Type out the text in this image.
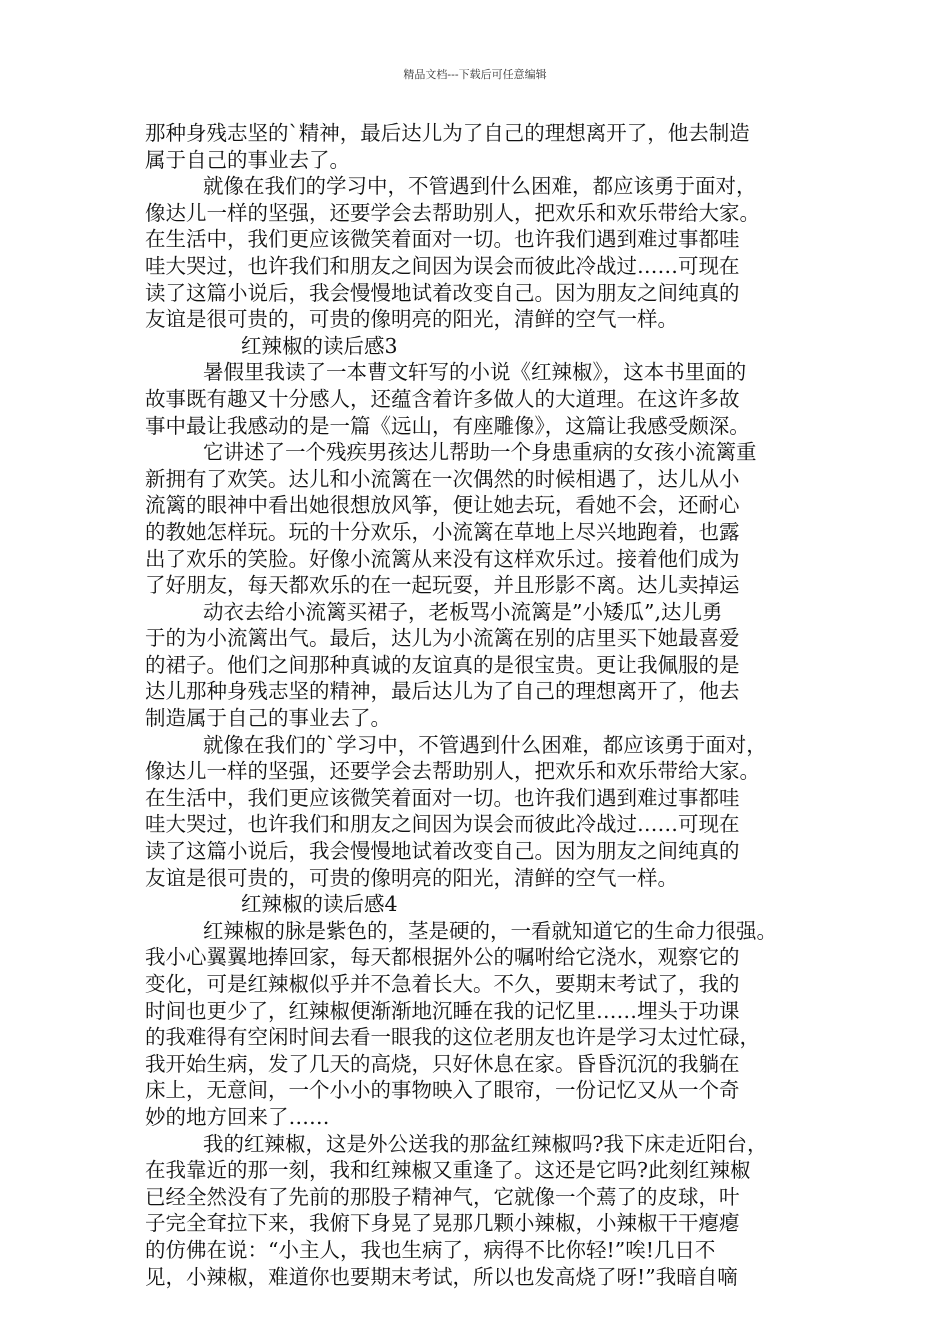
精品文档---下载后可任意编辑
那种身残志坚的`精神，最后达儿为了自己的理想离开了，他去制造
属于自己的事业去了。
就像在我们的学习中，不管遇到什么困难，都应该勇于面对，
像达儿一样的坚强，还要学会去帮助别人，把欢乐和欢乐带给大家。
在生活中，我们更应该微笑着面对一切。也许我们遇到难过事都哇
哇大哭过，也许我们和朋友之间因为误会而彼此冷战过……可现在
读了这篇小说后，我会慢慢地试着改变自己。因为朋友之间纯真的
友谊是很可贵的，可贵的像明亮的阳光，清鲜的空气一样。
红辣椒的读后感3
暑假里我读了一本曹文轩写的小说《红辣椒》，这本书里面的
故事既有趣又十分感人，还蕴含着许多做人的大道理。在这许多故
事中最让我感动的是一篇《远山，有座雕像》，这篇让我感受颇深。
它讲述了一个残疾男孩达儿帮助一个身患重病的女孩小流篱重
新拥有了欢笑。达儿和小流篱在一次偶然的时候相遇了，达儿从小
流篱的眼神中看出她很想放风筝，便让她去玩，看她不会，还耐心
的教她怎样玩。玩的十分欢乐，小流篱在草地上尽兴地跑着，也露
出了欢乐的笑脸。好像小流篱从来没有这样欢乐过。接着他们成为
了好朋友，每天都欢乐的在一起玩耍，并且形影不离。达儿卖掉运
动衣去给小流篱买裙子，老板骂小流篱是”小矮瓜”,达儿勇
于的为小流篱出气。最后，达儿为小流篱在别的店里买下她最喜爱
的裙子。他们之间那种真诚的友谊真的是很宝贵。更让我佩服的是
达儿那种身残志坚的精神，最后达儿为了自己的理想离开了，他去
制造属于自己的事业去了。
就像在我们的`学习中，不管遇到什么困难，都应该勇于面对，
像达儿一样的坚强，还要学会去帮助别人，把欢乐和欢乐带给大家。
在生活中，我们更应该微笑着面对一切。也许我们遇到难过事都哇
哇大哭过，也许我们和朋友之间因为误会而彼此冷战过……可现在
读了这篇小说后，我会慢慢地试着改变自己。因为朋友之间纯真的
友谊是很可贵的，可贵的像明亮的阳光，清鲜的空气一样。
红辣椒的读后感4
红辣椒的脉是紫色的，茎是硬的，一看就知道它的生命力很强。
我小心翼翼地捧回家，每天都根据外公的嘱咐给它浇水，观察它的
变化，可是红辣椒似乎并不急着长大。不久，要期末考试了，我的
时间也更少了，红辣椒便渐渐地沉睡在我的记忆里……埋头于功课
的我难得有空闲时间去看一眼我的这位老朋友也许是学习太过忙碌，
我开始生病，发了几天的高烧，只好休息在家。昏昏沉沉的我躺在
床上，无意间，一个小小的事物映入了眼帘，一份记忆又从一个奇
妙的地方回来了……
我的红辣椒，这是外公送我的那盆红辣椒吗?我下床走近阳台，
在我靠近的那一刻，我和红辣椒又重逢了。这还是它吗?此刻红辣椒
已经全然没有了先前的那股子精神气，它就像一个蔫了的皮球，叶
子完全耷拉下来，我俯下身晃了晃那几颗小辣椒，小辣椒干干瘪瘪
的仿佛在说：“小主人，我也生病了，病得不比你轻!”唉!几日不
见，小辣椒，难道你也要期末考试，所以也发高烧了呀!”我暗自嘀
